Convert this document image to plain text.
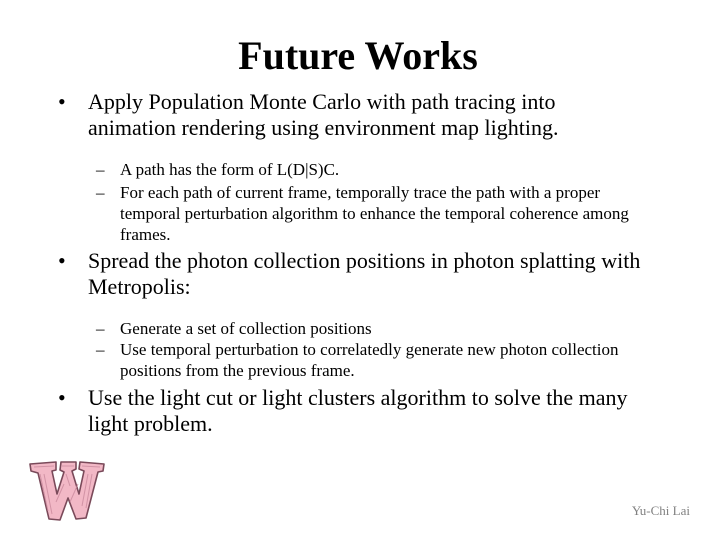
Future Works
• Apply Population Monte Carlo with path tracing into animation rendering using environment map lighting.
– A path has the form of L(D|S)C.
– For each path of current frame, temporally trace the path with a proper temporal perturbation algorithm to enhance the temporal coherence among frames.
• Spread the photon collection positions in photon splatting with Metropolis:
– Generate a set of collection positions
– Use temporal perturbation to correlatedly generate new photon collection positions from the previous frame.
• Use the light cut or light clusters algorithm to solve the many light problem.
Yu-Chi Lai
